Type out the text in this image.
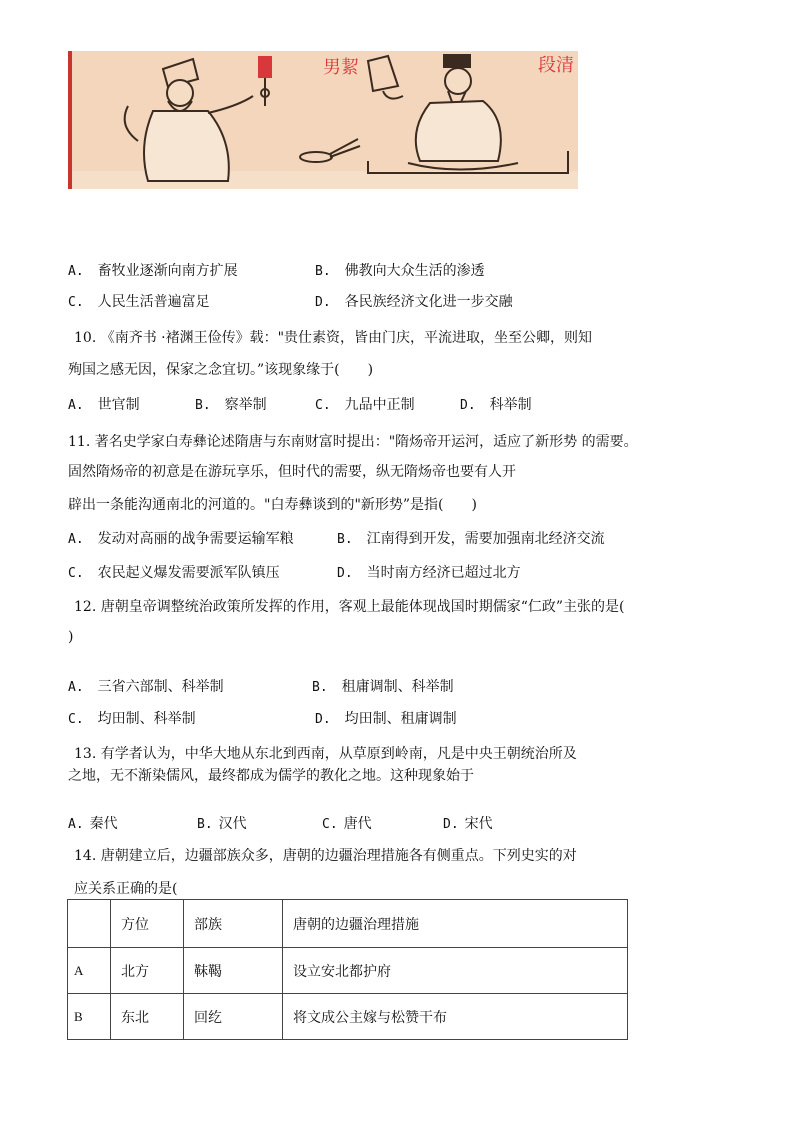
男絜	段清
A. 畜牧业逐渐向南方扩展	B. 佛教向大众生活的渗透
C. 人民生活普遍富足	D. 各民族经济文化进一步交融
10. 《南齐书 ·褚渊王俭传》载："贵仕素资，皆由门庆，平流进取，坐至公卿，则知
殉国之感无因，保家之念宜切。”该现象缘于(　　)
A. 世官制	B. 察举制	C. 九品中正制	D. 科举制
11. 著名史学家白寿彝论述隋唐与东南财富时提出："隋炀帝开运河，适应了新形势 的需要。
固然隋炀帝的初意是在游玩享乐，但时代的需要，纵无隋炀帝也要有人开
辟出一条能沟通南北的河道的。"白寿彝谈到的"新形势”是指(　　)
A. 发动对高丽的战争需要运输军粮	B. 江南得到开发，需要加强南北经济交流
C. 农民起义爆发需要派军队镇压	D. 当时南方经济已超过北方
12. 唐朝皇帝调整统治政策所发挥的作用，客观上最能体现战国时期儒家“仁政”主张的是(
)
A. 三省六部制、科举制	B. 租庸调制、科举制
C. 均田制、科举制	D. 均田制、租庸调制
13. 有学者认为，中华大地从东北到西南，从草原到岭南，凡是中央王朝统治所及
之地，无不渐染儒风，最终都成为儒学的教化之地。这种现象始于
A. 秦代	B. 汉代	C. 唐代	D. 宋代
14. 唐朝建立后，边疆部族众多，唐朝的边疆治理措施各有侧重点。下列史实的对
应关系正确的是(
	方位	部族	唐朝的边疆治理措施
A	北方	靺鞨	设立安北都护府
B	东北	回纥	将文成公主嫁与松赞干布
